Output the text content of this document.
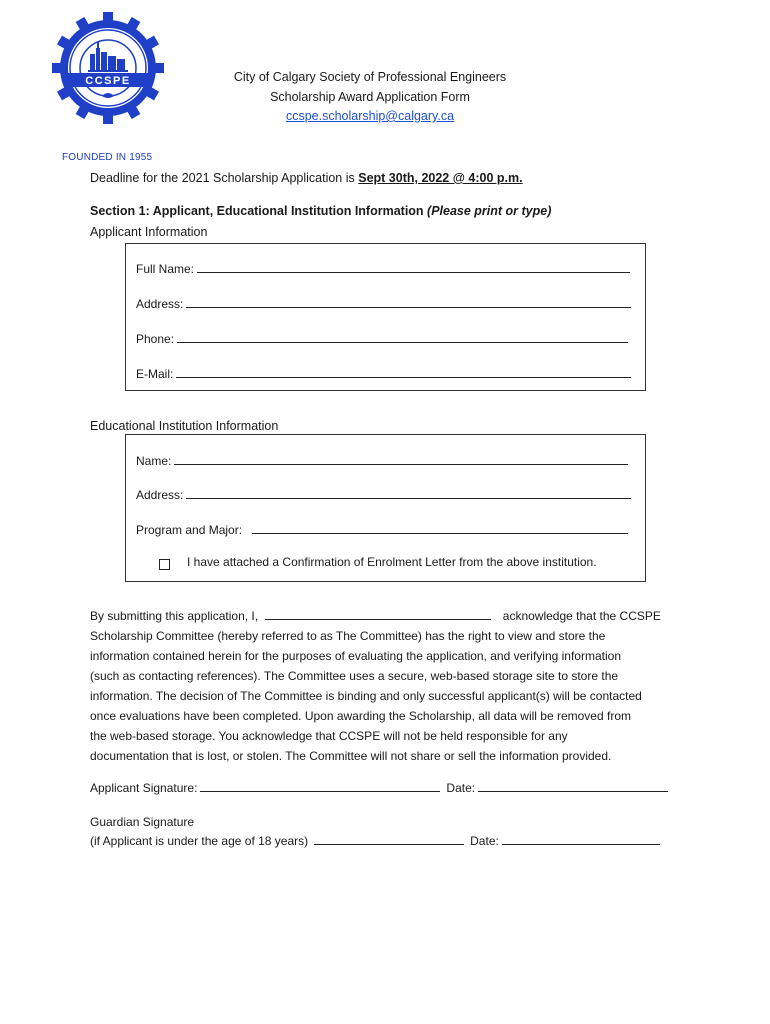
CCSPE	City of Calgary Society of Professional Engineers
Scholarship Award Application Form
ccspe.scholarship@calgary.ca
FOUNDED IN 1955
Deadline for the 2021 Scholarship Application is Sept 30th, 2022 @ 4:00 p.m.
Section 1: Applicant, Educational Institution Information (Please print or type)
Applicant Information
Full Name:
Address:
Phone:
E-Mail:
Educational Institution Information
Name:
Address:
Program and Major:
I have attached a Confirmation of Enrolment Letter from the above institution.
By submitting this application, I,	acknowledge that the CCSPE
Scholarship Committee (hereby referred to as The Committee) has the right to view and store the
information contained herein for the purposes of evaluating the application, and verifying information
(such as contacting references). The Committee uses a secure, web-based storage site to store the
information. The decision of The Committee is binding and only successful applicant(s) will be contacted
once evaluations have been completed. Upon awarding the Scholarship, all data will be removed from
the web-based storage. You acknowledge that CCSPE will not be held responsible for any
documentation that is lost, or stolen. The Committee will not share or sell the information provided.
Applicant Signature:	Date:
Guardian Signature
(if Applicant is under the age of 18 years)	Date:
